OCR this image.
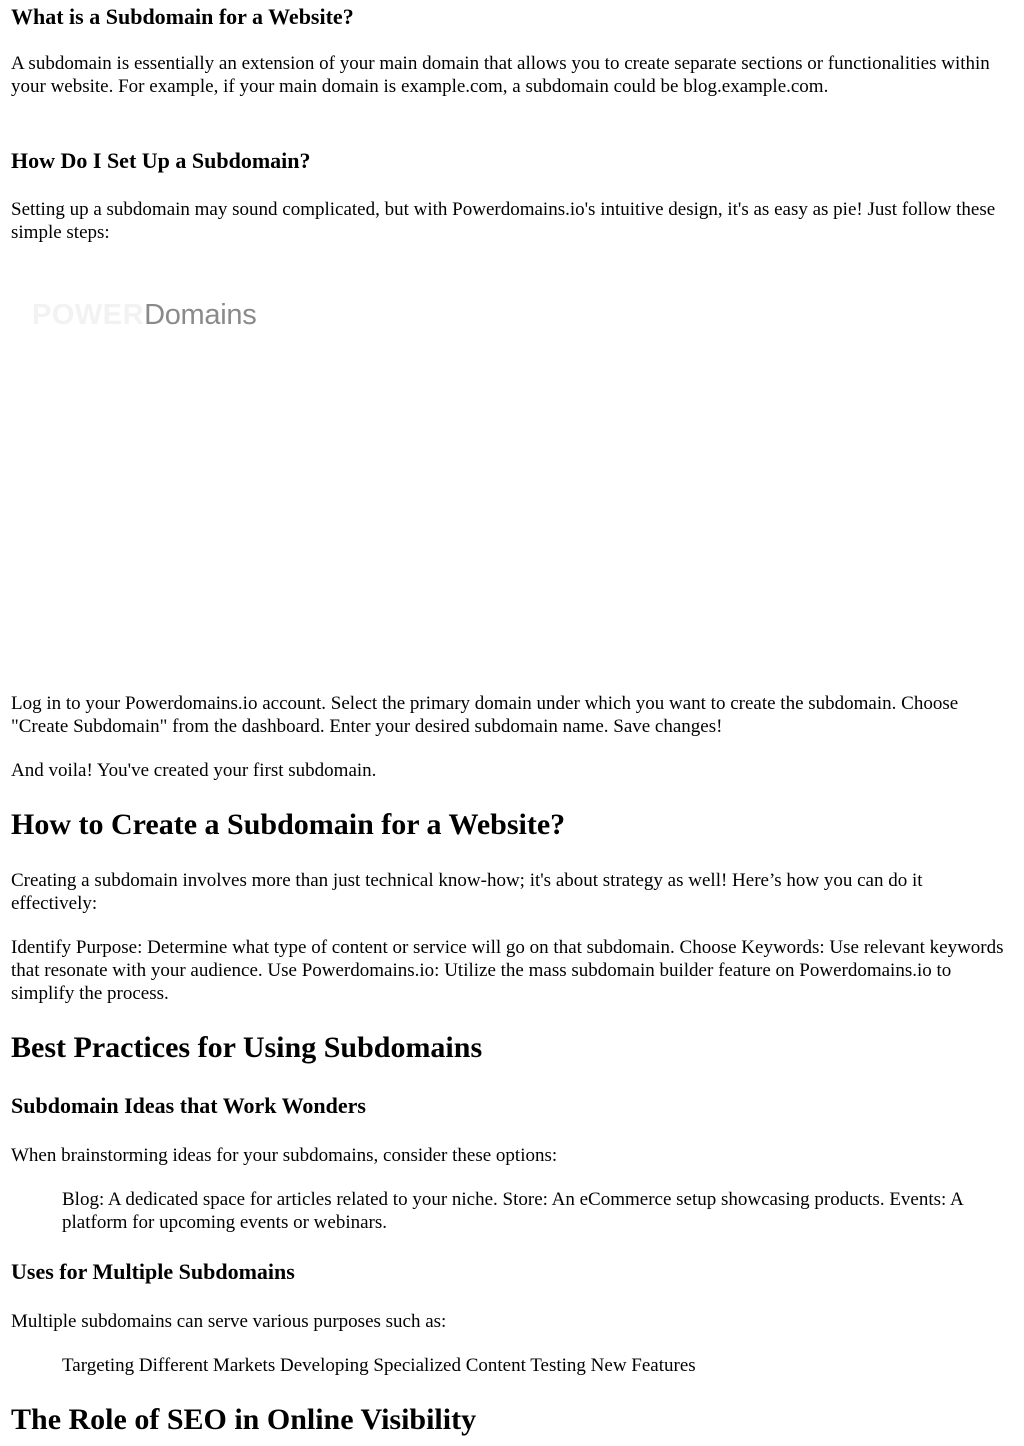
What is a Subdomain for a Website?

A subdomain is essentially an extension of your main domain that allows you to create separate sections or functionalities within your website. For example, if your main domain is example.com, a subdomain could be blog.example.com.

How Do I Set Up a Subdomain?

Setting up a subdomain may sound complicated, but with Powerdomains.io's intuitive design, it's as easy as pie! Just follow these simple steps:

POWERDomains

Log in to your Powerdomains.io account. Select the primary domain under which you want to create the subdomain. Choose "Create Subdomain" from the dashboard. Enter your desired subdomain name. Save changes!

And voila! You've created your first subdomain.

How to Create a Subdomain for a Website?

Creating a subdomain involves more than just technical know-how; it's about strategy as well! Here’s how you can do it effectively:

Identify Purpose: Determine what type of content or service will go on that subdomain. Choose Keywords: Use relevant keywords that resonate with your audience. Use Powerdomains.io: Utilize the mass subdomain builder feature on Powerdomains.io to simplify the process.

Best Practices for Using Subdomains
Subdomain Ideas that Work Wonders

When brainstorming ideas for your subdomains, consider these options:

Blog: A dedicated space for articles related to your niche. Store: An eCommerce setup showcasing products. Events: A platform for upcoming events or webinars.

Uses for Multiple Subdomains

Multiple subdomains can serve various purposes such as:

Targeting Different Markets Developing Specialized Content Testing New Features

The Role of SEO in Online Visibility
